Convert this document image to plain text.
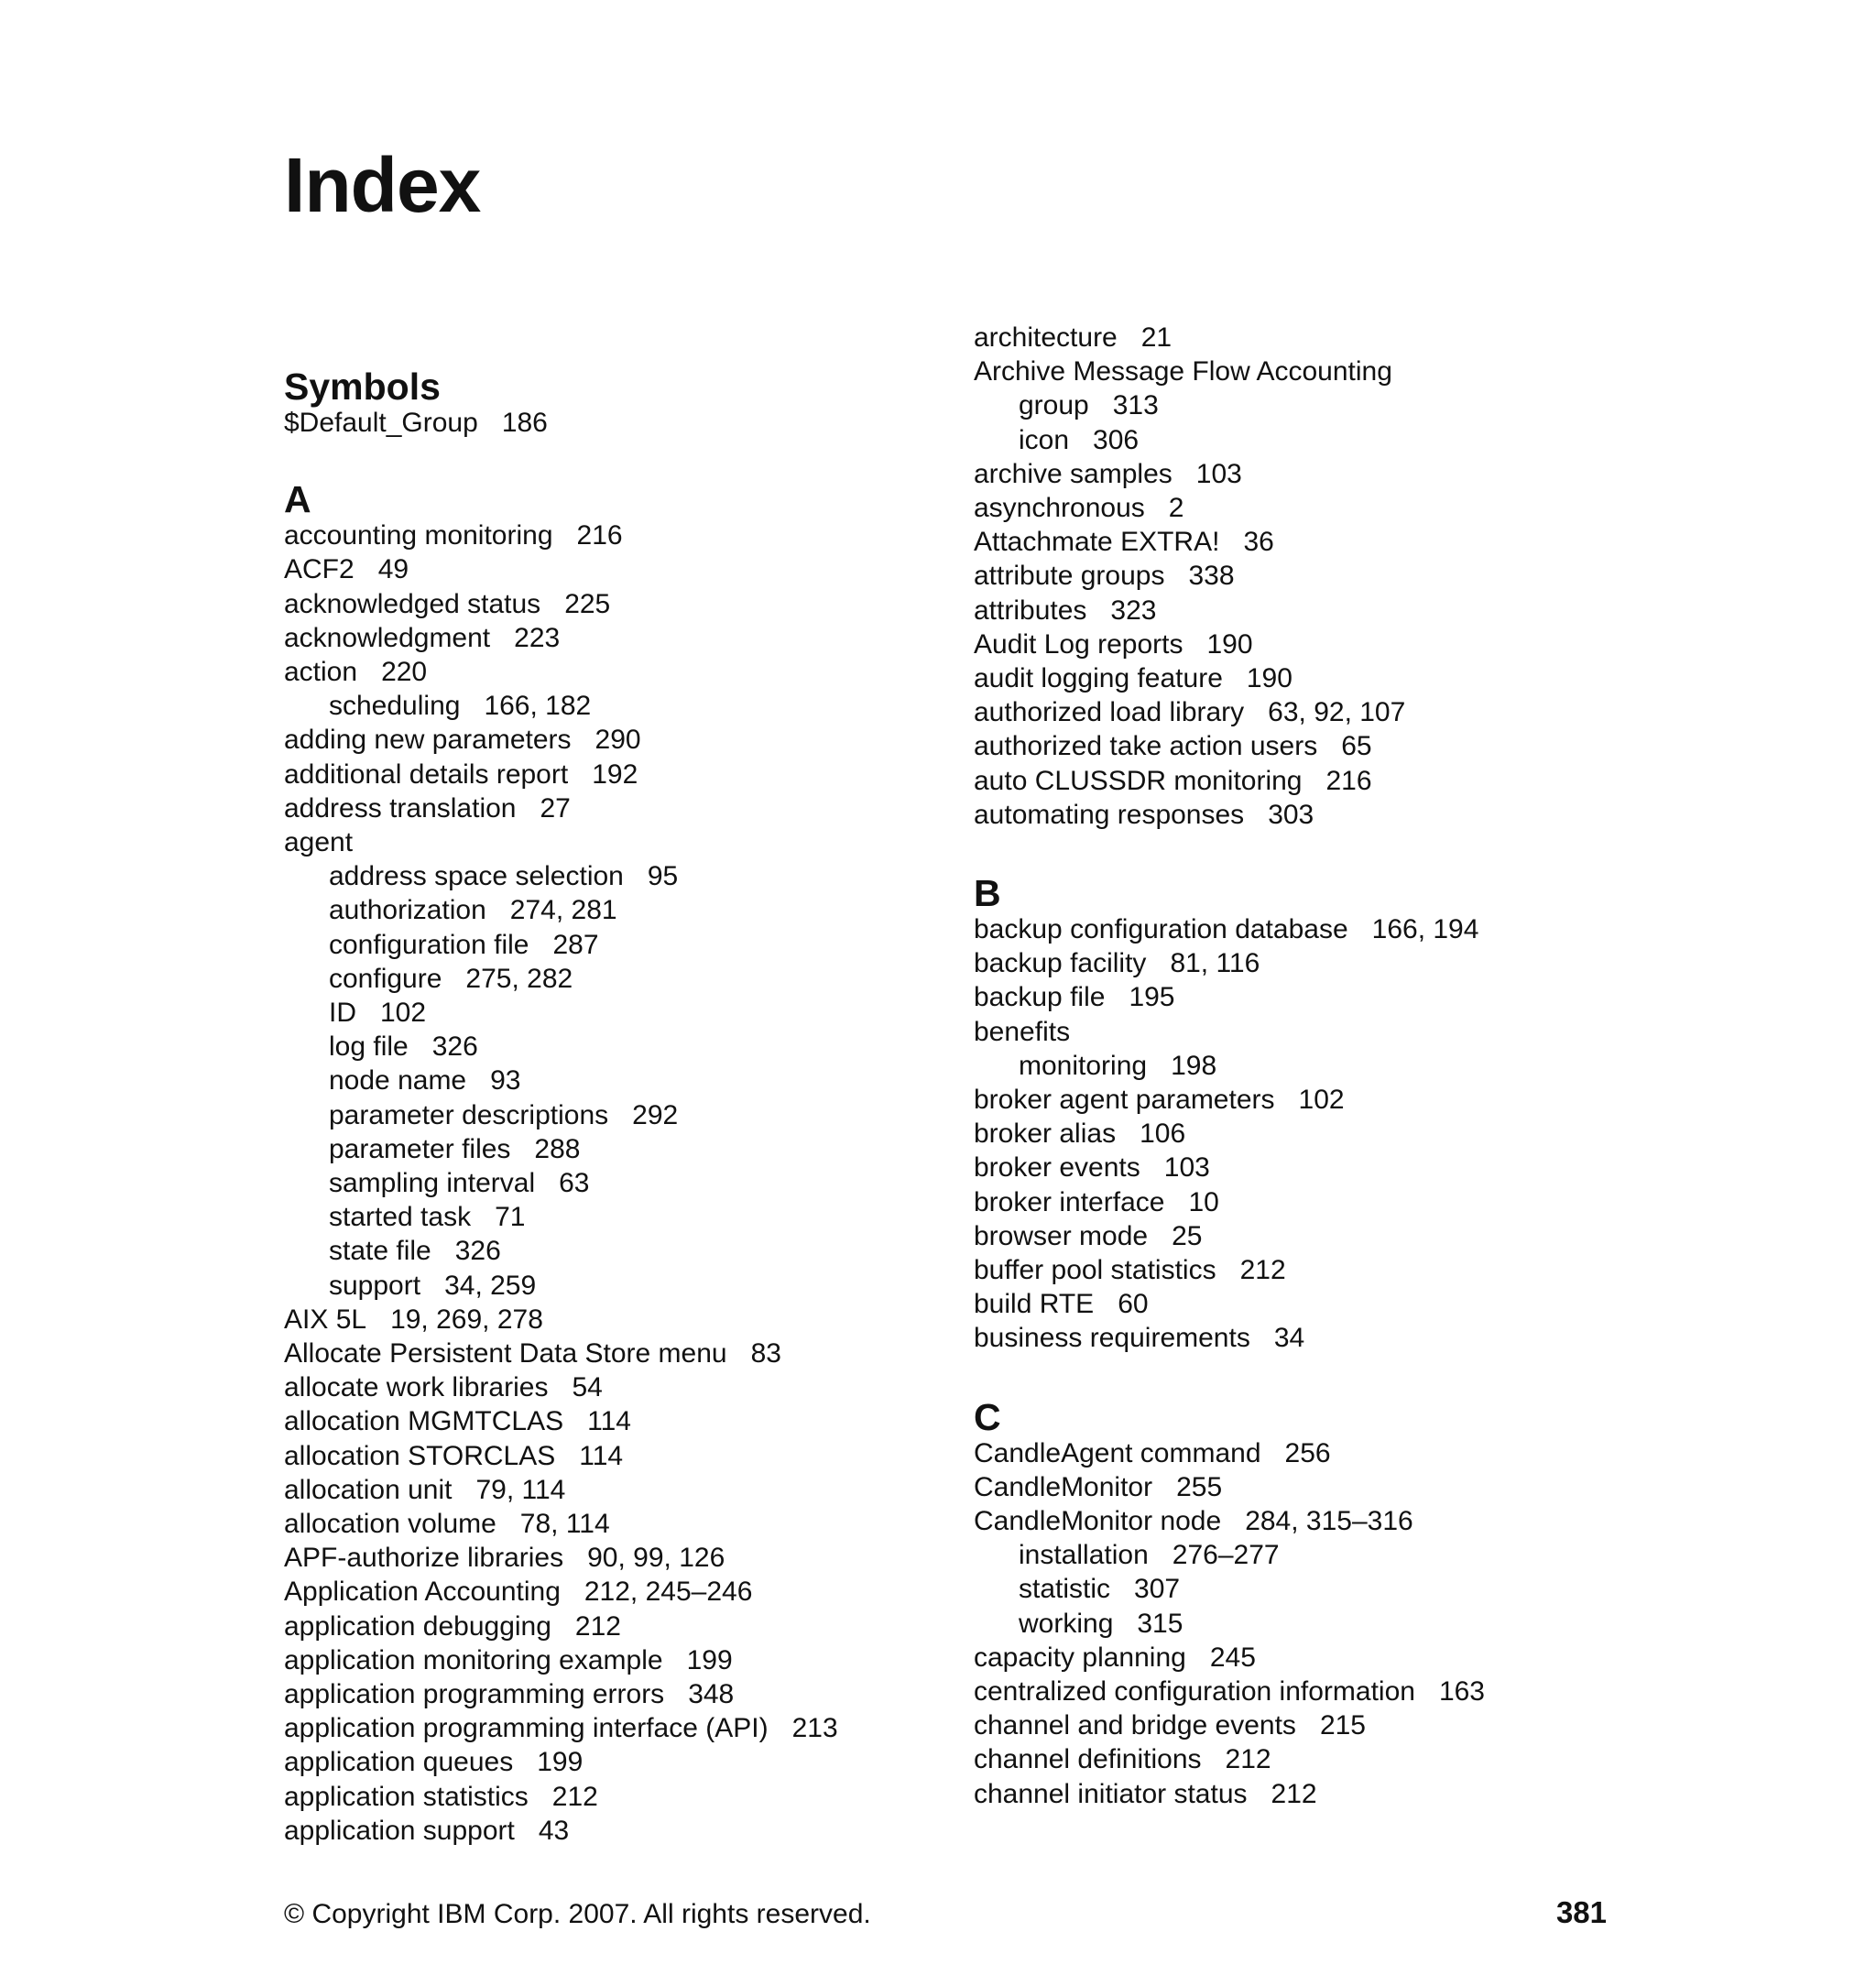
Index
Symbols
$Default_Group 186
A
accounting monitoring 216
ACF2 49
acknowledged status 225
acknowledgment 223
action 220
scheduling 166, 182
adding new parameters 290
additional details report 192
address translation 27
agent
address space selection 95
authorization 274, 281
configuration file 287
configure 275, 282
ID 102
log file 326
node name 93
parameter descriptions 292
parameter files 288
sampling interval 63
started task 71
state file 326
support 34, 259
AIX 5L 19, 269, 278
Allocate Persistent Data Store menu 83
allocate work libraries 54
allocation MGMTCLAS 114
allocation STORCLAS 114
allocation unit 79, 114
allocation volume 78, 114
APF-authorize libraries 90, 99, 126
Application Accounting 212, 245–246
application debugging 212
application monitoring example 199
application programming errors 348
application programming interface (API) 213
application queues 199
application statistics 212
application support 43
architecture 21
Archive Message Flow Accounting
group 313
icon 306
archive samples 103
asynchronous 2
Attachmate EXTRA! 36
attribute groups 338
attributes 323
Audit Log reports 190
audit logging feature 190
authorized load library 63, 92, 107
authorized take action users 65
auto CLUSSDR monitoring 216
automating responses 303
B
backup configuration database 166, 194
backup facility 81, 116
backup file 195
benefits
monitoring 198
broker agent parameters 102
broker alias 106
broker events 103
broker interface 10
browser mode 25
buffer pool statistics 212
build RTE 60
business requirements 34
C
CandleAgent command 256
CandleMonitor 255
CandleMonitor node 284, 315–316
installation 276–277
statistic 307
working 315
capacity planning 245
centralized configuration information 163
channel and bridge events 215
channel definitions 212
channel initiator status 212
© Copyright IBM Corp. 2007. All rights reserved.	381
